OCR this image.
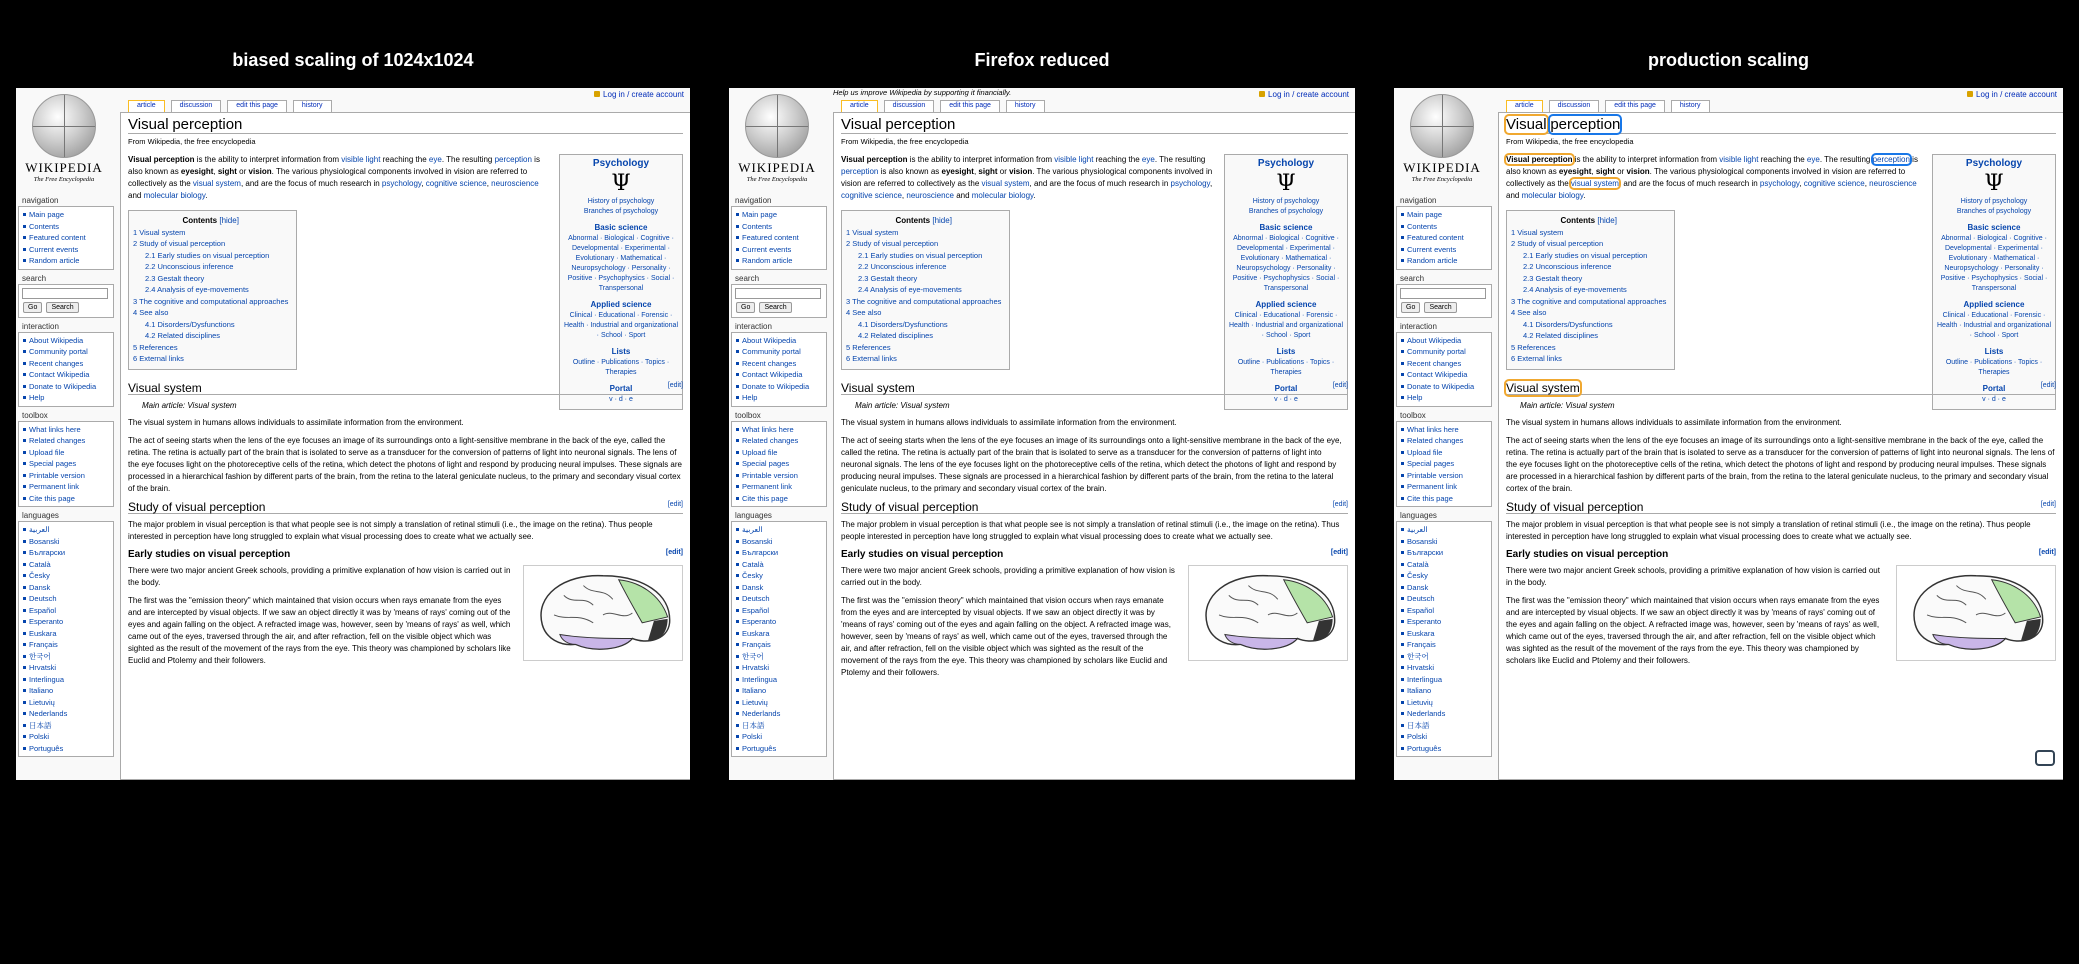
biased scaling of 1024x1024	Firefox reduced	production scaling
WIKIPEDIA
The Free Encyclopedia
navigation
Main page
Contents
Featured content
Current events
Random article
search
Go Search
interaction
About Wikipedia
Community portal
Recent changes
Contact Wikipedia
Donate to Wikipedia
Help
toolbox
What links here
Related changes
Upload file
Special pages
Printable version
Permanent link
Cite this page
languages
العربية
Bosanski
Български
Català
Česky
Dansk
Deutsch
Español
Esperanto
Euskara
Français
한국어
Hrvatski
Interlingua
Italiano
Lietuvių
Nederlands
日本語
Polski
Português
article	discussion	edit this page	history
Log in / create account
Visual perception
From Wikipedia, the free encyclopedia
Psychology
Ψ
History of psychology
Branches of psychology
Basic science
Abnormal · Biological · Cognitive · Developmental · Experimental · Evolutionary · Mathematical · Neuropsychology · Personality · Positive · Psychophysics · Social · Transpersonal
Applied science
Clinical · Educational · Forensic · Health · Industrial and organizational · School · Sport
Lists
Outline · Publications · Topics · Therapies
Portal
v · d · e
Visual perception is the ability to interpret information from visible light reaching the eye. The resulting perception is also known as eyesight, sight or vision. The various physiological components involved in vision are referred to collectively as the visual system, and are the focus of much research in psychology, cognitive science, neuroscience and molecular biology.
Contents [hide]
1 Visual system
2 Study of visual perception
2.1 Early studies on visual perception
2.2 Unconscious inference
2.3 Gestalt theory
2.4 Analysis of eye-movements
3 The cognitive and computational approaches
4 See also
4.1 Disorders/Dysfunctions
4.2 Related disciplines
5 References
6 External links
Visual system	[edit]
Main article: Visual system

The visual system in humans allows individuals to assimilate information from the environment.

The act of seeing starts when the lens of the eye focuses an image of its surroundings onto a light-sensitive membrane in the back of the eye, called the retina. The retina is actually part of the brain that is isolated to serve as a transducer for the conversion of patterns of light into neuronal signals. The lens of the eye focuses light on the photoreceptive cells of the retina, which detect the photons of light and respond by producing neural impulses. These signals are processed in a hierarchical fashion by different parts of the brain, from the retina to the lateral geniculate nucleus, to the primary and secondary visual cortex of the brain.

Study of visual perception	[edit]

The major problem in visual perception is that what people see is not simply a translation of retinal stimuli (i.e., the image on the retina). Thus people interested in perception have long struggled to explain what visual processing does to create what we actually see.

Early studies on visual perception	[edit]

There were two major ancient Greek schools, providing a primitive explanation of how vision is carried out in the body.

The first was the "emission theory" which maintained that vision occurs when rays emanate from the eyes and are intercepted by visual objects. If we saw an object directly it was by 'means of rays' coming out of the eyes and again falling on the object. A refracted image was, however, seen by 'means of rays' as well, which came out of the eyes, traversed through the air, and after refraction, fell on the visible object which was sighted as the result of the movement of the rays from the eye. This theory was championed by scholars like Euclid and Ptolemy and their followers.

WIKIPEDIA
The Free Encyclopedia
navigation
Main page
Contents
Featured content
Current events
Random article
search
Go Search
interaction
About Wikipedia
Community portal
Recent changes
Contact Wikipedia
Donate to Wikipedia
Help
toolbox
What links here
Related changes
Upload file
Special pages
Printable version
Permanent link
Cite this page
languages
العربية
Bosanski
Български
Català
Česky
Dansk
Deutsch
Español
Esperanto
Euskara
Français
한국어
Hrvatski
Interlingua
Italiano
Lietuvių
Nederlands
日本語
Polski
Português
article	discussion	edit this page	history
Log in / create account
Visual perception
From Wikipedia, the free encyclopedia
Psychology
Ψ
History of psychology
Branches of psychology
Basic science
Abnormal · Biological · Cognitive · Developmental · Experimental · Evolutionary · Mathematical · Neuropsychology · Personality · Positive · Psychophysics · Social · Transpersonal
Applied science
Clinical · Educational · Forensic · Health · Industrial and organizational · School · Sport
Lists
Outline · Publications · Topics · Therapies
Portal
v · d · e
Visual perception is the ability to interpret information from visible light reaching the eye. The resulting perception is also known as eyesight, sight or vision. The various physiological components involved in vision are referred to collectively as the visual system, and are the focus of much research in psychology, cognitive science, neuroscience and molecular biology.
Contents [hide]
1 Visual system
2 Study of visual perception
2.1 Early studies on visual perception
2.2 Unconscious inference
2.3 Gestalt theory
2.4 Analysis of eye-movements
3 The cognitive and computational approaches
4 See also
4.1 Disorders/Dysfunctions
4.2 Related disciplines
5 References
6 External links
Visual system	[edit]
Main article: Visual system

The visual system in humans allows individuals to assimilate information from the environment.

The act of seeing starts when the lens of the eye focuses an image of its surroundings onto a light-sensitive membrane in the back of the eye, called the retina. The retina is actually part of the brain that is isolated to serve as a transducer for the conversion of patterns of light into neuronal signals. The lens of the eye focuses light on the photoreceptive cells of the retina, which detect the photons of light and respond by producing neural impulses. These signals are processed in a hierarchical fashion by different parts of the brain, from the retina to the lateral geniculate nucleus, to the primary and secondary visual cortex of the brain.

Study of visual perception	[edit]

The major problem in visual perception is that what people see is not simply a translation of retinal stimuli (i.e., the image on the retina). Thus people interested in perception have long struggled to explain what visual processing does to create what we actually see.

Early studies on visual perception	[edit]

There were two major ancient Greek schools, providing a primitive explanation of how vision is carried out in the body.

The first was the "emission theory" which maintained that vision occurs when rays emanate from the eyes and are intercepted by visual objects. If we saw an object directly it was by 'means of rays' coming out of the eyes and again falling on the object. A refracted image was, however, seen by 'means of rays' as well, which came out of the eyes, traversed through the air, and after refraction, fell on the visible object which was sighted as the result of the movement of the rays from the eye. This theory was championed by scholars like Euclid and Ptolemy and their followers.

Help us improve Wikipedia by supporting it financially.
WIKIPEDIA
The Free Encyclopedia
navigation
Main page
Contents
Featured content
Current events
Random article
search
Go Search
interaction
About Wikipedia
Community portal
Recent changes
Contact Wikipedia
Donate to Wikipedia
Help
toolbox
What links here
Related changes
Upload file
Special pages
Printable version
Permanent link
Cite this page
languages
العربية
Bosanski
Български
Català
Česky
Dansk
Deutsch
Español
Esperanto
Euskara
Français
한국어
Hrvatski
Interlingua
Italiano
Lietuvių
Nederlands
日本語
Polski
Português
article	discussion	edit this page	history
Log in / create account
Visual perception
From Wikipedia, the free encyclopedia
Psychology
Ψ
History of psychology
Branches of psychology
Basic science
Abnormal · Biological · Cognitive · Developmental · Experimental · Evolutionary · Mathematical · Neuropsychology · Personality · Positive · Psychophysics · Social · Transpersonal
Applied science
Clinical · Educational · Forensic · Health · Industrial and organizational · School · Sport
Lists
Outline · Publications · Topics · Therapies
Portal
v · d · e
Visual perception is the ability to interpret information from visible light reaching the eye. The resulting perception is also known as eyesight, sight or vision. The various physiological components involved in vision are referred to collectively as the visual system, and are the focus of much research in psychology, cognitive science, neuroscience and molecular biology.
Contents [hide]
1 Visual system
2 Study of visual perception
2.1 Early studies on visual perception
2.2 Unconscious inference
2.3 Gestalt theory
2.4 Analysis of eye-movements
3 The cognitive and computational approaches
4 See also
4.1 Disorders/Dysfunctions
4.2 Related disciplines
5 References
6 External links
Visual system	[edit]
Main article: Visual system

The visual system in humans allows individuals to assimilate information from the environment.

The act of seeing starts when the lens of the eye focuses an image of its surroundings onto a light-sensitive membrane in the back of the eye, called the retina. The retina is actually part of the brain that is isolated to serve as a transducer for the conversion of patterns of light into neuronal signals. The lens of the eye focuses light on the photoreceptive cells of the retina, which detect the photons of light and respond by producing neural impulses. These signals are processed in a hierarchical fashion by different parts of the brain, from the retina to the lateral geniculate nucleus, to the primary and secondary visual cortex of the brain.

Study of visual perception	[edit]

The major problem in visual perception is that what people see is not simply a translation of retinal stimuli (i.e., the image on the retina). Thus people interested in perception have long struggled to explain what visual processing does to create what we actually see.

Early studies on visual perception	[edit]

There were two major ancient Greek schools, providing a primitive explanation of how vision is carried out in the body.

The first was the "emission theory" which maintained that vision occurs when rays emanate from the eyes and are intercepted by visual objects. If we saw an object directly it was by 'means of rays' coming out of the eyes and again falling on the object. A refracted image was, however, seen by 'means of rays' as well, which came out of the eyes, traversed through the air, and after refraction, fell on the visible object which was sighted as the result of the movement of the rays from the eye. This theory was championed by scholars like Euclid and Ptolemy and their followers.
